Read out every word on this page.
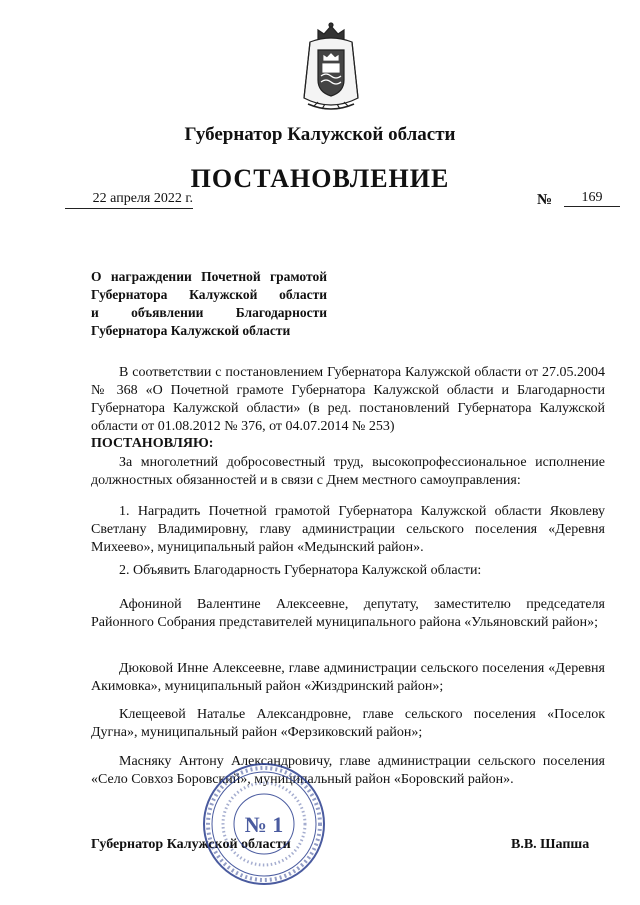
Губернатор Калужской области
ПОСТАНОВЛЕНИЕ
22 апреля 2022 г.	№	169
О награждении Почетной грамотой
Губернатора Калужской области
и объявлении Благодарности
Губернатора Калужской области
В соответствии с постановлением Губернатора Калужской области от 27.05.2004 № 368 «О Почетной грамоте Губернатора Калужской области и Благодарности Губернатора Калужской области» (в ред. постановлений Губернатора Калужской области от 01.08.2012 № 376, от 04.07.2014 № 253)
ПОСТАНОВЛЯЮ:
За многолетний добросовестный труд, высокопрофессиональное исполнение должностных обязанностей и в связи с Днем местного самоуправления:
1. Наградить Почетной грамотой Губернатора Калужской области Яковлеву Светлану Владимировну, главу администрации сельского поселения «Деревня Михеево», муниципальный район «Медынский район».
2. Объявить Благодарность Губернатора Калужской области:
Афониной Валентине Алексеевне, депутату, заместителю председателя Районного Собрания представителей муниципального района «Ульяновский район»;
Дюковой Инне Алексеевне, главе администрации сельского поселения «Деревня Акимовка», муниципальный район «Жиздринский район»;
Клещеевой Наталье Александровне, главе сельского поселения «Поселок Дугна», муниципальный район «Ферзиковский район»;
Масняку Антону Александровичу, главе администрации сельского поселения «Село Совхоз Боровский», муниципальный район «Боровский район».
Губернатор Калужской области	В.В. Шапша
№ 1
